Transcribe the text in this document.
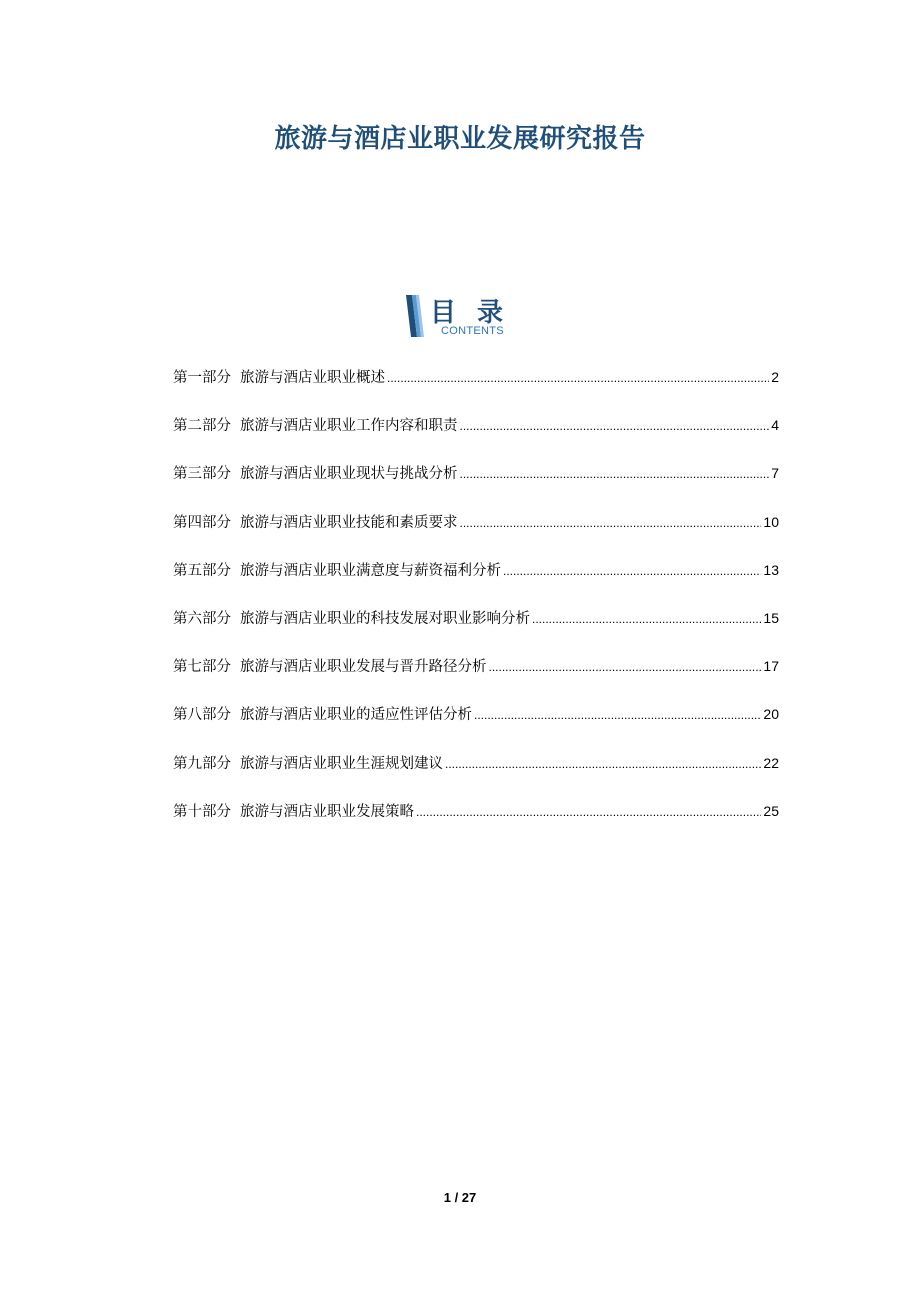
旅游与酒店业职业发展研究报告
目 录
CONTENTS
第一部分 旅游与酒店业职业概述 .....	2
第二部分 旅游与酒店业职业工作内容和职责 .....	4
第三部分 旅游与酒店业职业现状与挑战分析 .....	7
第四部分 旅游与酒店业职业技能和素质要求 .....	10
第五部分 旅游与酒店业职业满意度与薪资福利分析 .....	13
第六部分 旅游与酒店业职业的科技发展对职业影响分析 .....	15
第七部分 旅游与酒店业职业发展与晋升路径分析 .....	17
第八部分 旅游与酒店业职业的适应性评估分析 .....	20
第九部分 旅游与酒店业职业生涯规划建议 .....	22
第十部分 旅游与酒店业职业发展策略 .....	25
1 / 27
